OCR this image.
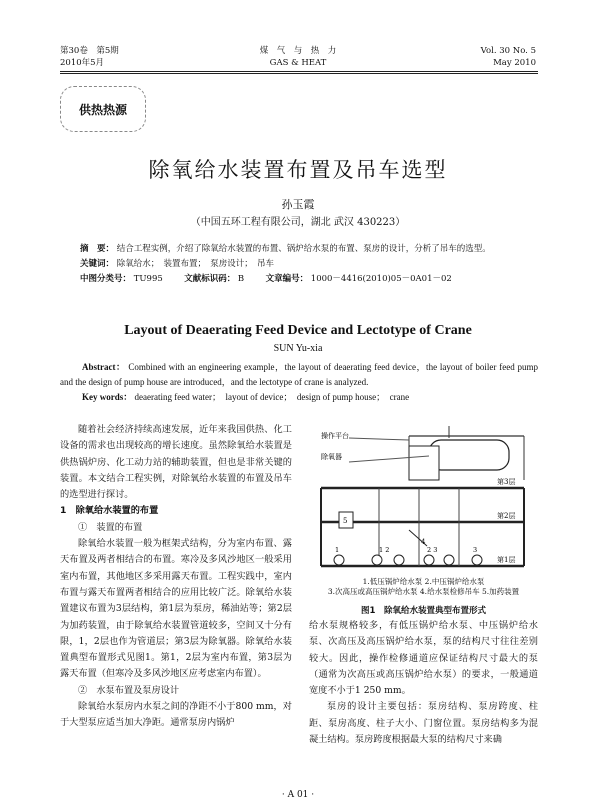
第30卷　第5期
2010年5月
煤　气　与　热　力
GAS & HEAT
Vol. 30 No. 5
May 2010
供热热源
除氧给水装置布置及吊车选型
孙玉霞
（中国五环工程有限公司，湖北 武汉 430223）
摘　要： 结合工程实例，介绍了除氧给水装置的布置、锅炉给水泵的布置、泵房的设计，分析了吊车的选型。
关键词： 除氧给水；　装置布置；　泵房设计；　吊车
中图分类号： TU995	文献标识码： B	文章编号： 1000－4416(2010)05－0A01－02
Layout of Deaerating Feed Device and Lectotype of Crane
SUN Yu-xia
Abstract： Combined with an engineering example，the layout of deaerating feed device，the layout of boiler feed pump and the design of pump house are introduced，and the lectotype of crane is analyzed.
Key words： deaerating feed water；　layout of device；　design of pump house；　crane

随着社会经济持续高速发展，近年来我国供热、化工设备的需求也出现较高的增长速度。虽然除氧给水装置是供热锅炉房、化工动力站的辅助装置，但也是非常关键的装置。本文结合工程实例，对除氧给水装置的布置及吊车的选型进行探讨。

1　除氧给水装置的布置

①　装置的布置

除氧给水装置一般为框架式结构，分为室内布置、露天布置及两者相结合的布置。寒冷及多风沙地区一般采用室内布置，其他地区多采用露天布置。工程实践中，室内布置与露天布置两者相结合的应用比较广泛。除氧给水装置建议布置为3层结构，第1层为泵房，稀油站等；第2层为加药装置，由于除氧给水装置管道较多，空间又十分有限，1，2层也作为管道层；第3层为除氧器。除氧给水装置典型布置形式见图1。第1，2层为室内布置，第3层为露天布置（但寒冷及多风沙地区应考虑室内布置）。

②　水泵布置及泵房设计

除氧给水泵房内水泵之间的净距不小于800 mm，对于大型泵应适当加大净距。通常泵房内锅炉

操作平台
除氧器
5
4
1	1 2	2 3	3
第3层
第2层
第1层
1.低压锅炉给水泵 2.中压锅炉给水泵
3.次高压或高压锅炉给水泵 4.给水泵检修吊车 5.加药装置
图1　除氧给水装置典型布置形式

给水泵规格较多，有低压锅炉给水泵、中压锅炉给水泵、次高压及高压锅炉给水泵，泵的结构尺寸往往差别较大。因此，操作检修通道应保证结构尺寸最大的泵（通常为次高压或高压锅炉给水泵）的要求，一般通道宽度不小于1 250 mm。

泵房的设计主要包括：泵房结构、泵房跨度、柱距、泵房高度、柱子大小、门窗位置。泵房结构多为混凝土结构。泵房跨度根据最大泵的结构尺寸来确

· A 01 ·
